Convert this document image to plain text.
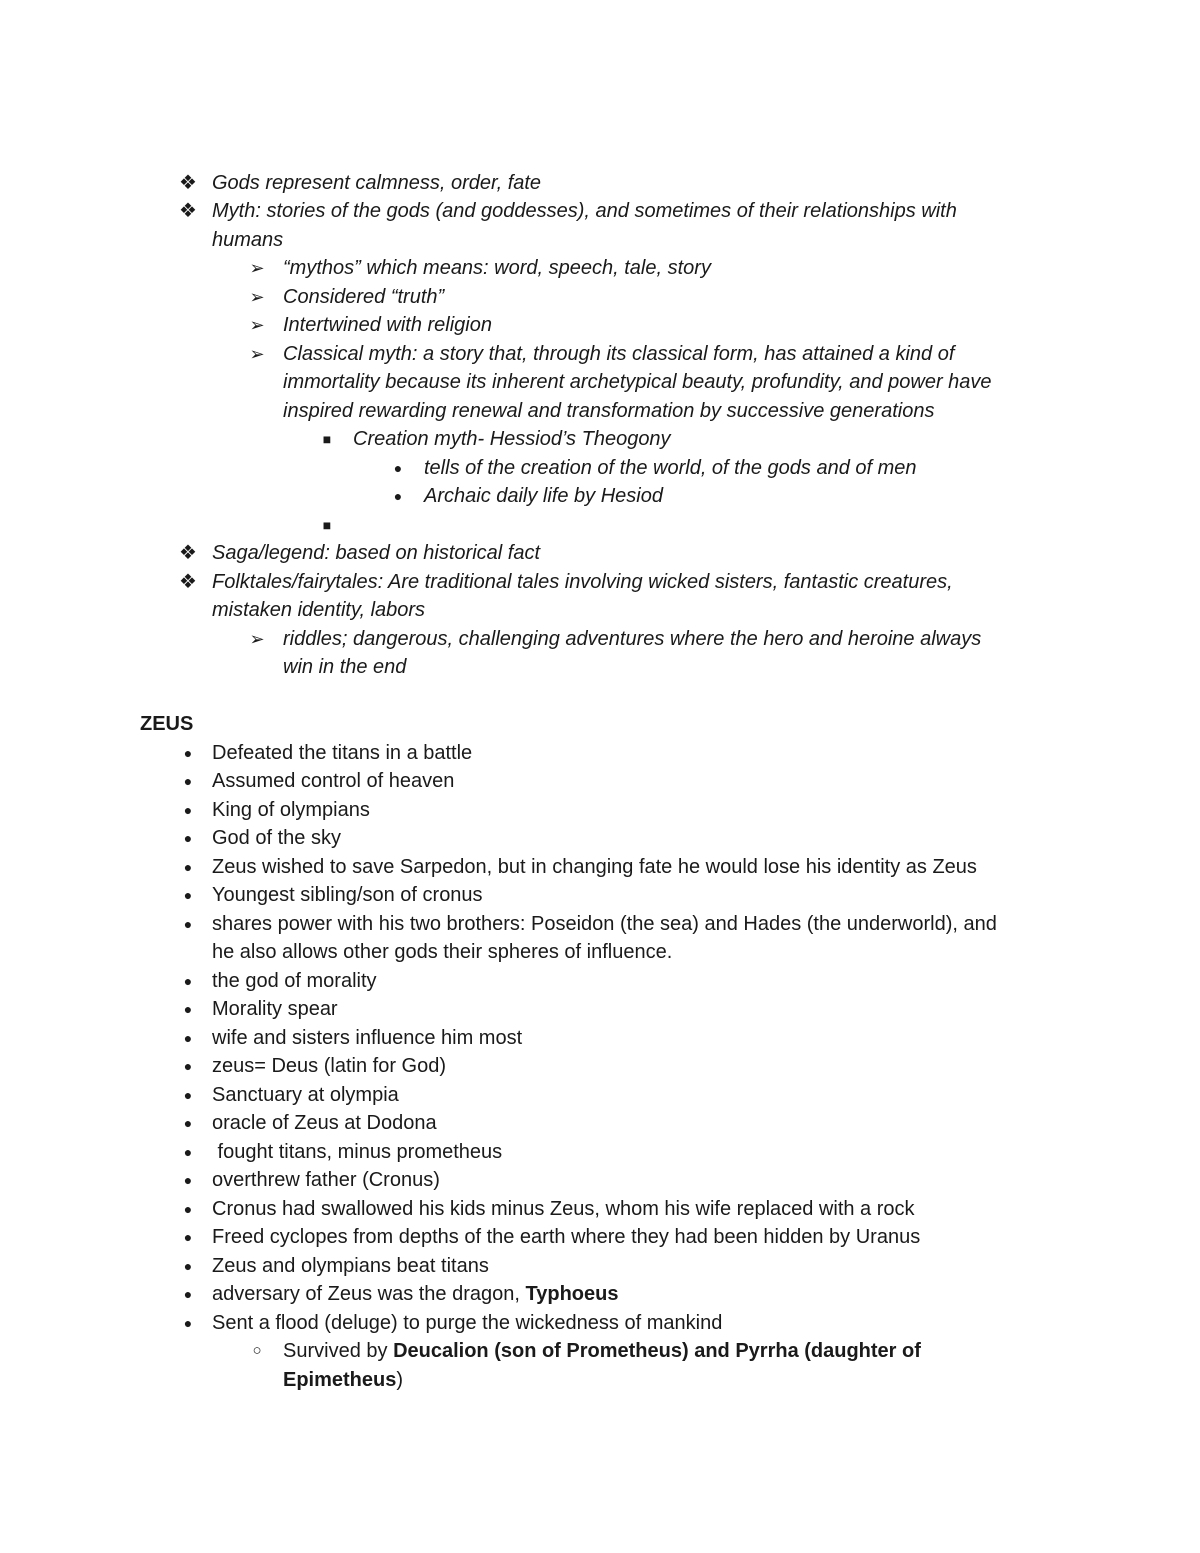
❖ Gods represent calmness, order, fate
❖ Myth: stories of the gods (and goddesses), and sometimes of their relationships with
humans
➢ “mythos” which means: word, speech, tale, story
➢ Considered “truth”
➢ Intertwined with religion
➢ Classical myth: a story that, through its classical form, has attained a kind of
immortality because its inherent archetypical beauty, profundity, and power have
inspired rewarding renewal and transformation by successive generations
■	Creation myth- Hessiod’s Theogony
●	tells of the creation of the world, of the gods and of men
●	Archaic daily life by Hesiod
■
❖ Saga/legend: based on historical fact
❖ Folktales/fairytales: Are traditional tales involving wicked sisters, fantastic creatures,
mistaken identity, labors
➢ riddles; dangerous, challenging adventures where the hero and heroine always
win in the end
ZEUS
● Defeated the titans in a battle
● Assumed control of heaven
● King of olympians
● God of the sky
● Zeus wished to save Sarpedon, but in changing fate he would lose his identity as Zeus
● Youngest sibling/son of cronus
● shares power with his two brothers: Poseidon (the sea) and Hades (the underworld), and
he also allows other gods their spheres of influence.
● the god of morality
● Morality spear
● wife and sisters influence him most
● zeus= Deus (latin for God)
● Sanctuary at olympia
● oracle of Zeus at Dodona
● fought titans, minus prometheus
● overthrew father (Cronus)
● Cronus had swallowed his kids minus Zeus, whom his wife replaced with a rock
● Freed cyclopes from depths of the earth where they had been hidden by Uranus
● Zeus and olympians beat titans
● adversary of Zeus was the dragon, Typhoeus
● Sent a flood (deluge) to purge the wickedness of mankind
○	Survived by Deucalion (son of Prometheus) and Pyrrha (daughter of
Epimetheus)
